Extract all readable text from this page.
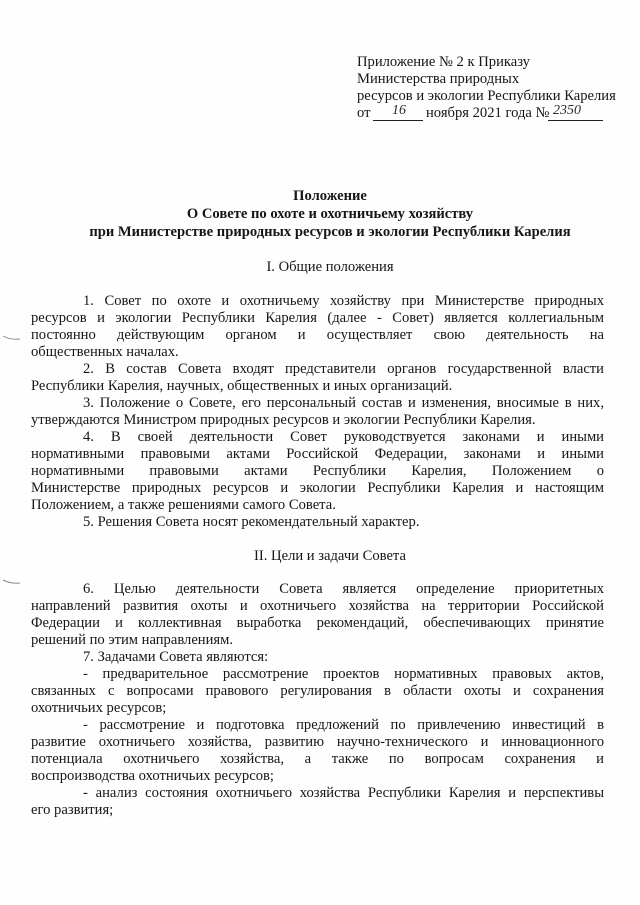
Приложение № 2 к Приказу
Министерства природных
ресурсов и экологии Республики Карелия
от 16 ноября 2021 года № 2350
Положение
О Совете по охоте и охотничьему хозяйству
при Министерстве природных ресурсов и экологии Республики Карелия
I. Общие положения
1. Совет по охоте и охотничьему хозяйству при Министерстве природных
ресурсов и экологии Республики Карелия (далее - Совет) является коллегиальным
постоянно действующим органом и осуществляет свою деятельность на
общественных началах.
2. В состав Совета входят представители органов государственной власти
Республики Карелия, научных, общественных и иных организаций.
3. Положение о Совете, его персональный состав и изменения, вносимые в них,
утверждаются Министром природных ресурсов и экологии Республики Карелия.
4. В своей деятельности Совет руководствуется законами и иными
нормативными правовыми актами Российской Федерации, законами и иными
нормативными правовыми актами Республики Карелия, Положением о
Министерстве природных ресурсов и экологии Республики Карелия и настоящим
Положением, а также решениями самого Совета.
5. Решения Совета носят рекомендательный характер.
II. Цели и задачи Совета
6. Целью деятельности Совета является определение приоритетных
направлений развития охоты и охотничьего хозяйства на территории Российской
Федерации и коллективная выработка рекомендаций, обеспечивающих принятие
решений по этим направлениям.
7. Задачами Совета являются:
- предварительное рассмотрение проектов нормативных правовых актов,
связанных с вопросами правового регулирования в области охоты и сохранения
охотничьих ресурсов;
- рассмотрение и подготовка предложений по привлечению инвестиций в
развитие охотничьего хозяйства, развитию научно-технического и инновационного
потенциала охотничьего хозяйства, а также по вопросам сохранения и
воспроизводства охотничьих ресурсов;
- анализ состояния охотничьего хозяйства Республики Карелия и перспективы
его развития;
